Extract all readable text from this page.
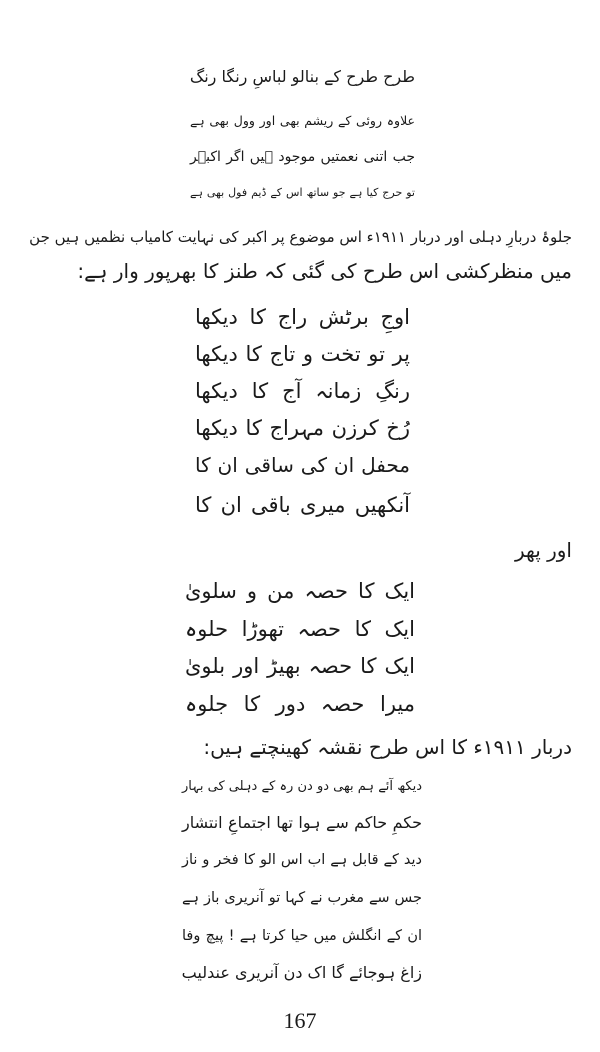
طرح طرح کے بنالو لباسِ رنگا رنگ
علاوہ روئی کے ریشم بھی اور وول بھی ہے
جب اتنی نعمتیں موجود ہیں اگر اکبؔر
تو حرج کیا ہے جو ساتھ اس کے ڈیم فول بھی ہے
جلوۂ دربارِ دہلی اور دربار ۱۹۱۱ء اس موضوع پر اکبر کی نہایت کامیاب نظمیں ہیں جن
میں منظرکشی اس طرح کی گئی کہ طنز کا بھرپور وار ہے:
اوجِ برٹش راج کا دیکھا
پر تو تخت و تاج کا دیکھا
رنگِ زمانہ آج کا دیکھا
رُخ کرزن مہراج کا دیکھا
محفل ان کی ساقی ان کا
آنکھیں میری باقی ان کا
اور پھر
ایک کا حصہ من و سلویٰ
ایک کا حصہ تھوڑا حلوہ
ایک کا حصہ بھیڑ اور بلویٰ
میرا حصہ دور کا جلوہ
دربار ۱۹۱۱ء کا اس طرح نقشہ کھینچتے ہیں:
دیکھ آئے ہم بھی دو دن رہ کے دہلی کی بہار
حکمِ حاکم سے ہوا تھا اجتماعِ انتشار
دید کے قابل ہے اب اس الو کا فخر و ناز
جس سے مغرب نے کہا تو آنریری باز ہے
ان کے انگلش میں حیا کرتا ہے ! پیچ وفا
زاغ ہوجائے گا اک دن آنریری عندلیب
167
